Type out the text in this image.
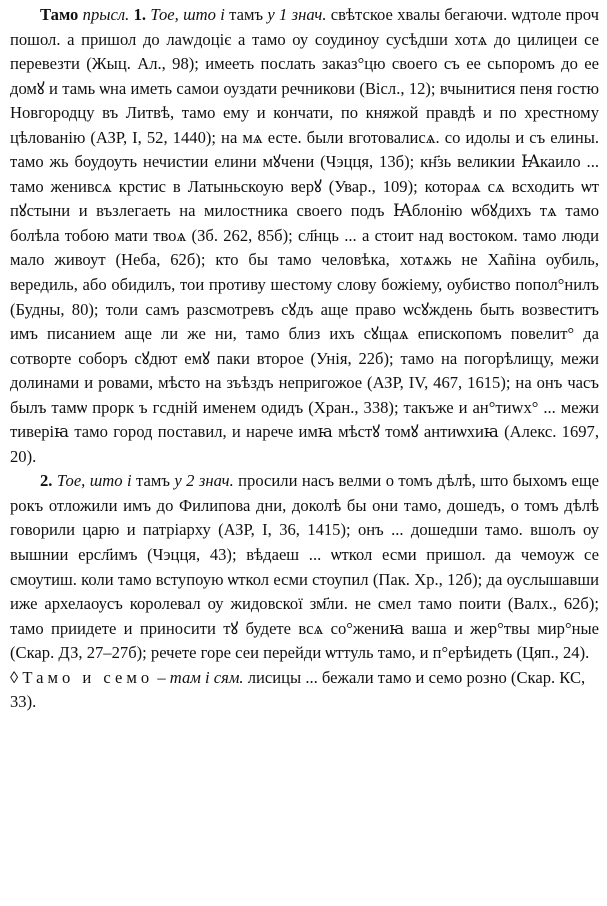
Тамо прысл. 1. Тое, што і тамъ у 1 знач. свѣтское хвалы бегаючи. ѡдтоле проч пошол. а пришол до лаwдоціє а тамо оу соудиноу сусѣдши хотѧ до цилицеи се перевезти (Жыц. Ал., 98); имееть послать заказ°цю своего съ ее сьпоромъ до ее домꙋ и тамь ѡна иметь самои оуздати речникови (Вісл., 12); вчынитися пеня гостю Новгородцу въ Литвѣ, тамо ему и кончати, по княжой правдѣ и по хрестному цѣлованію (АЗР, І, 52, 1440); на мѧ есте. были вготовалисѧ. со идолы и съ елины. тамо жь боудоуть нечистии елини мꙋчени (Чэцця, 13б); кн҃зь великии Ꙗкаило ... тамо женивсѧ крстис в Латыньскоую верꙋ (Увар., 109); котораѧ сѧ всходить ѡт пꙋстыни и възлегаеть на милостника своего подъ Ꙗблонію ѡбꙋдихъ тѧ тамо болѣла тобою мати твоѧ (Зб. 262, 85б); сл҃нць ... а стоит над востоком. тамо люди мало живоут (Неба, 62б); кто бы тамо человѣка, хотѧжь не Хаñіна оубиль, вередиль, або обидилъ, тои противу шестому слову божіему, оубиство попол°нилъ (Будны, 80); толи самъ разсмотревъ сꙋдъ аще право ѡсꙋждень быть возвеститъ имъ писанием аще ли же ни, тамо близ ихъ сꙋщаѧ епископомъ повелит° да сотворте соборъ сꙋдют емꙋ паки второе (Унія, 22б); тамо на погорѣлищу, межи долинами и ровами, мѣсто на зъѣздъ непригожое (АЗР, IV, 467, 1615); на онъ часъ былъ тамѡ прорк ъ гсдній именем одидъ (Хран., 338); такъже и ан°тиwх° ... межи тиверіꙗ тамо город поставил, и нарече имꙗ мѣстꙋ томꙋ антиѡхиꙗ (Алекс. 1697, 20).

2. Тое, што і тамъ у 2 знач. просили насъ велми о томъ дѣлѣ, што быхомъ еще рокъ отложили имъ до Филипова дни, доколѣ бы они тамо, дошедъ, о томъ дѣлѣ говорили царю и патріарху (АЗР, I, 36, 1415); онъ ... дошедши тамо. вшолъ оу вышнии ерсл҃имъ (Чэцця, 43); вѣдаеш ... ѡткол есми пришол. да чемоуж се смоутиш. коли тамо вступоую ѡткол есми стоупил (Пак. Хр., 12б); да оуслышавши иже архелаоусъ королевал оу жидовскої зм҃ли. не смел тамо поити (Валх., 62б); тамо приидете и приносити тꙋ будете всѧ со°жениꙗ ваша и жер°твы мир°ные (Скар. ДЗ, 27–27б); речете горе сеи перейди ѡттуль тамо, и п°ерѣидеть (Цяп., 24).

◊ Тамо и семо – там і сям. лисицы ... бежали тамо и семо розно (Скар. КС, 33).
